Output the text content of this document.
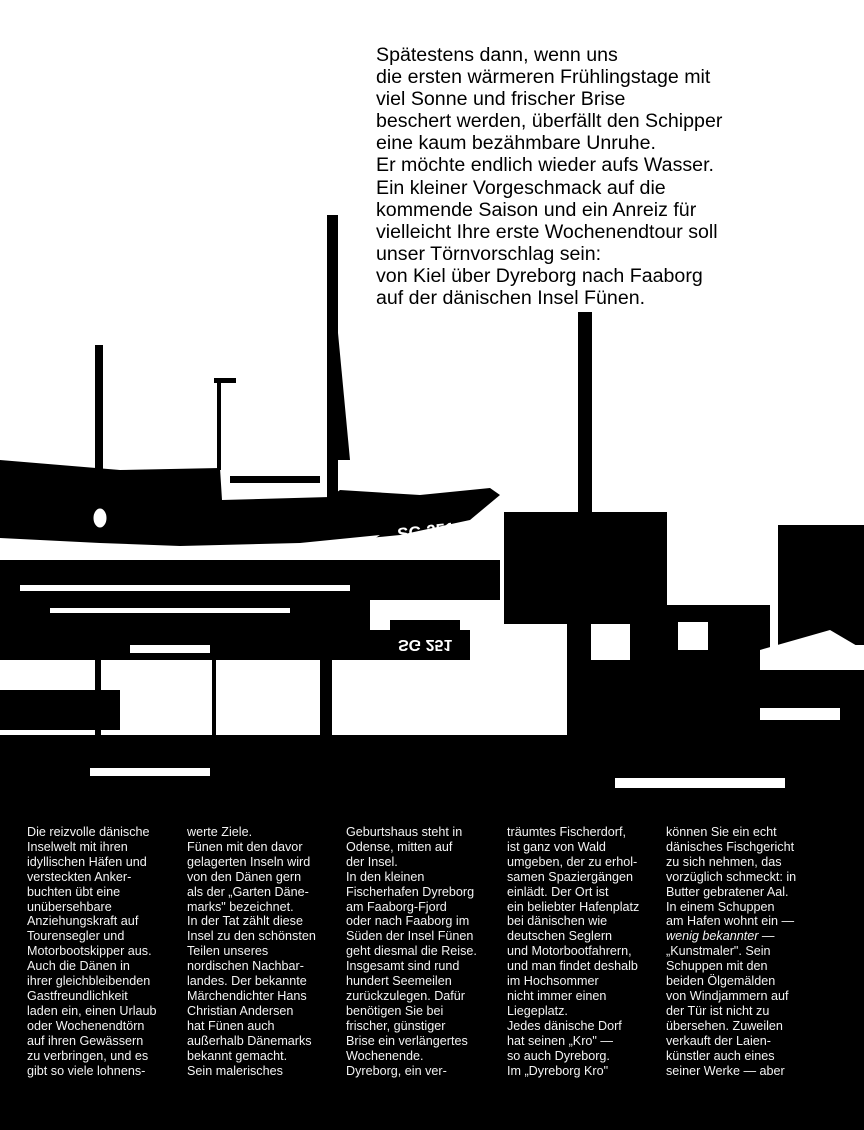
SG 251
SG 251
Spätestens dann, wenn uns
die ersten wärmeren Frühlingstage mit
viel Sonne und frischer Brise
beschert werden, überfällt den Schipper
eine kaum bezähmbare Unruhe.
Er möchte endlich wieder aufs Wasser.
Ein kleiner Vorgeschmack auf die
kommende Saison und ein Anreiz für
vielleicht Ihre erste Wochenendtour soll
unser Törnvorschlag sein:
von Kiel über Dyreborg nach Faaborg
auf der dänischen Insel Fünen.
Die reizvolle dänische
Inselwelt mit ihren
idyllischen Häfen und
versteckten Anker-
buchten übt eine
unübersehbare
Anziehungskraft auf
Tourensegler und
Motorbootskipper aus.
Auch die Dänen in
ihrer gleichbleibenden
Gastfreundlichkeit
laden ein, einen Urlaub
oder Wochenendtörn
auf ihren Gewässern
zu verbringen, und es
gibt so viele lohnens-
werte Ziele.
Fünen mit den davor
gelagerten Inseln wird
von den Dänen gern
als der „Garten Däne-
marks" bezeichnet.
In der Tat zählt diese
Insel zu den schönsten
Teilen unseres
nordischen Nachbar-
landes. Der bekannte
Märchendichter Hans
Christian Andersen
hat Fünen auch
außerhalb Dänemarks
bekannt gemacht.
Sein malerisches
Geburtshaus steht in
Odense, mitten auf
der Insel.
In den kleinen
Fischerhafen Dyreborg
am Faaborg-Fjord
oder nach Faaborg im
Süden der Insel Fünen
geht diesmal die Reise.
Insgesamt sind rund
hundert Seemeilen
zurückzulegen. Dafür
benötigen Sie bei
frischer, günstiger
Brise ein verlängertes
Wochenende.
Dyreborg, ein ver-
träumtes Fischerdorf,
ist ganz von Wald
umgeben, der zu erhol-
samen Spaziergängen
einlädt. Der Ort ist
ein beliebter Hafenplatz
bei dänischen wie
deutschen Seglern
und Motorbootfahrern,
und man findet deshalb
im Hochsommer
nicht immer einen
Liegeplatz.
Jedes dänische Dorf
hat seinen „Kro" —
so auch Dyreborg.
Im „Dyreborg Kro"
können Sie ein echt
dänisches Fischgericht
zu sich nehmen, das
vorzüglich schmeckt: in
Butter gebratener Aal.
In einem Schuppen
am Hafen wohnt ein —
wenig bekannter —
„Kunstmaler". Sein
Schuppen mit den
beiden Ölgemälden
von Windjammern auf
der Tür ist nicht zu
übersehen. Zuweilen
verkauft der Laien-
künstler auch eines
seiner Werke — aber
